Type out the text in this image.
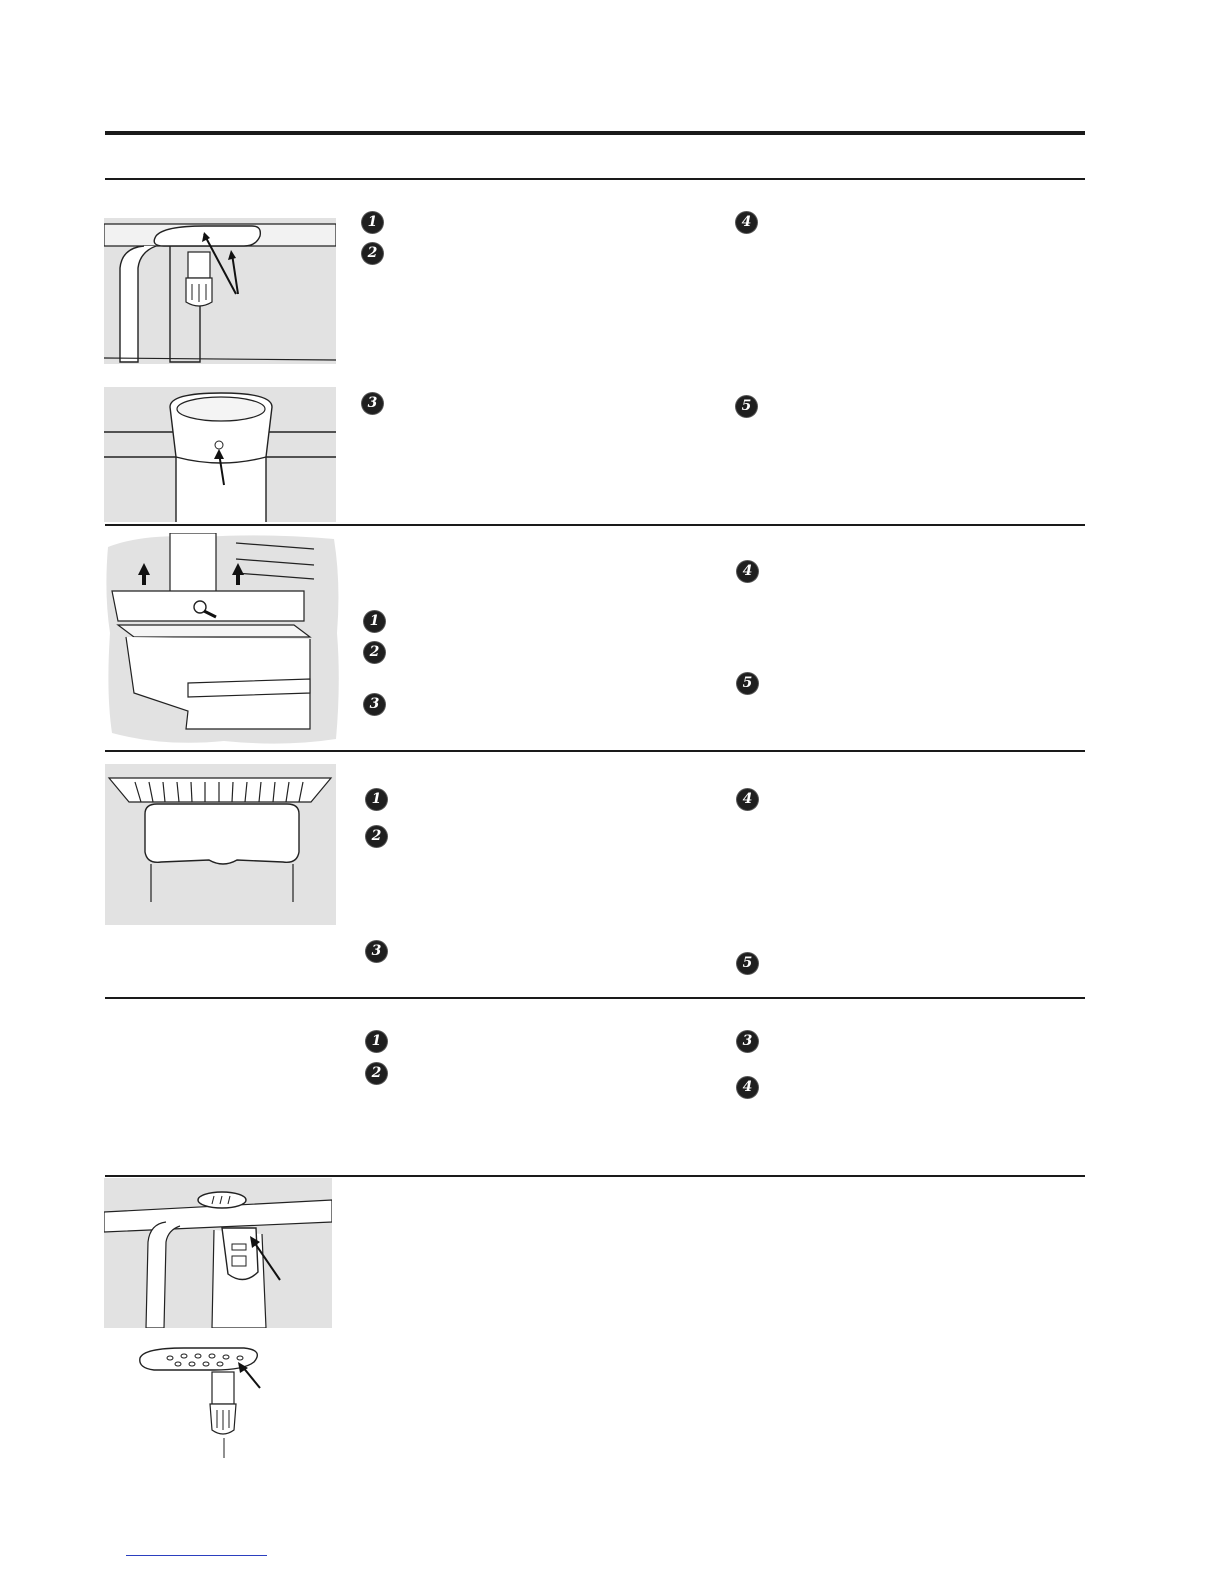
1
2
3
4
5
1
2
3
4
5
1
2
3
4
5
1
2
3
4
